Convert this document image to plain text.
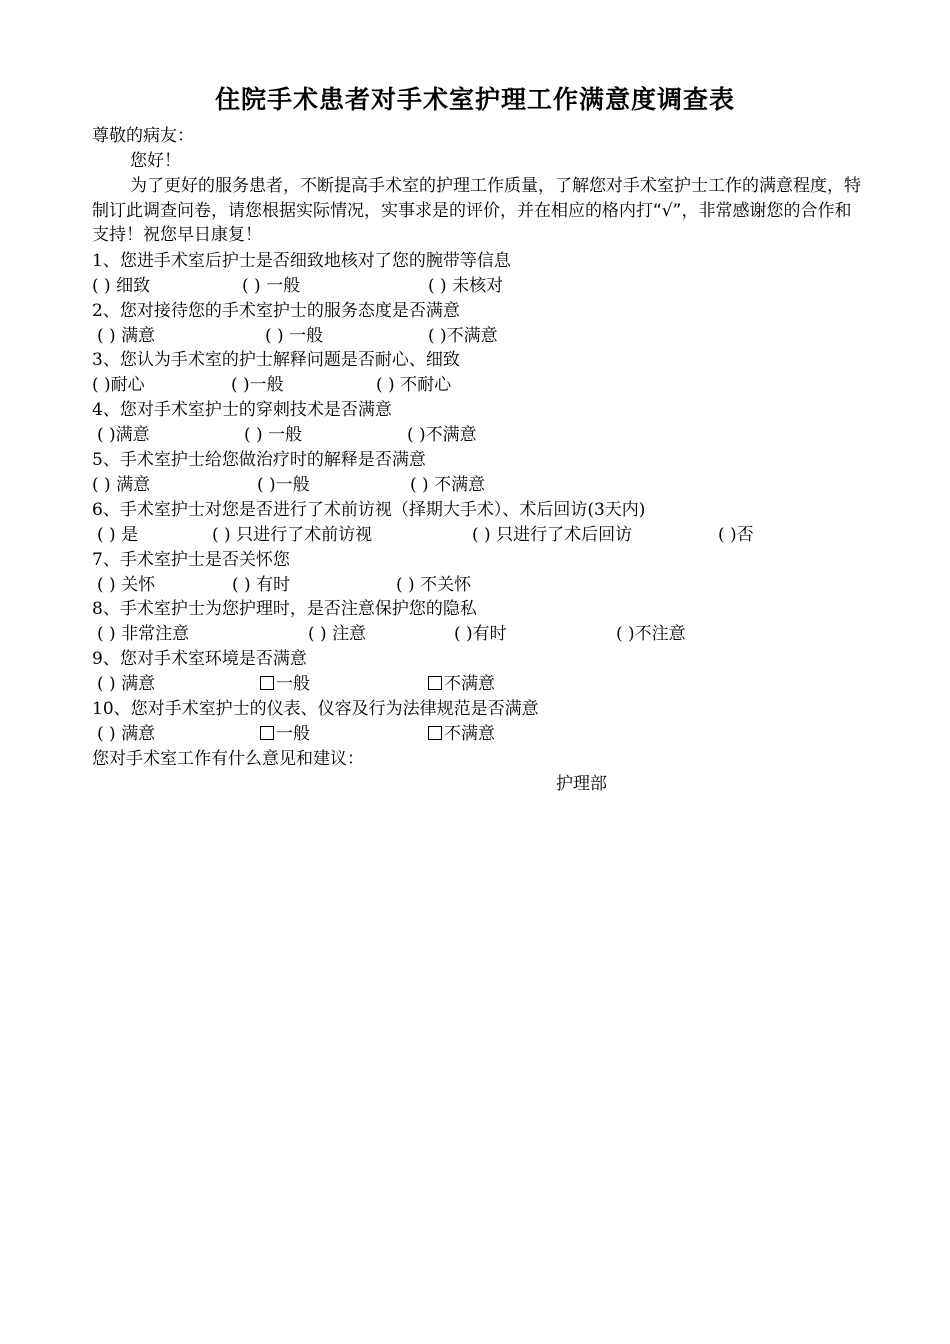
住院手术患者对手术室护理工作满意度调查表
尊敬的病友：
您好！
为了更好的服务患者，不断提高手术室的护理工作质量，了解您对手术室护士工作的满意程度，特制订此调查问卷，请您根据实际情况，实事求是的评价，并在相应的格内打“√”，非常感谢您的合作和支持！祝您早日康复！
1、您进手术室后护士是否细致地核对了您的腕带等信息
( ) 细致	( ) 一般	( ) 未核对
2、您对接待您的手术室护士的服务态度是否满意
( ) 满意	( ) 一般	( )不满意
3、您认为手术室的护士解释问题是否耐心、细致
( )耐心	( )一般	( ) 不耐心
4、您对手术室护士的穿刺技术是否满意
( )满意	( ) 一般	( )不满意
5、手术室护士给您做治疗时的解释是否满意
( ) 满意	( )一般	( ) 不满意
6、手术室护士对您是否进行了术前访视（择期大手术）、术后回访(3天内)
( ) 是	( ) 只进行了术前访视	( ) 只进行了术后回访	( )否
7、手术室护士是否关怀您
( ) 关怀	( ) 有时	( ) 不关怀
8、手术室护士为您护理时，是否注意保护您的隐私
( ) 非常注意	( ) 注意	( )有时	( )不注意
9、您对手术室环境是否满意
( ) 满意	一般	不满意
10、您对手术室护士的仪表、仪容及行为法律规范是否满意
( ) 满意	一般	不满意
您对手术室工作有什么意见和建议：
护理部
